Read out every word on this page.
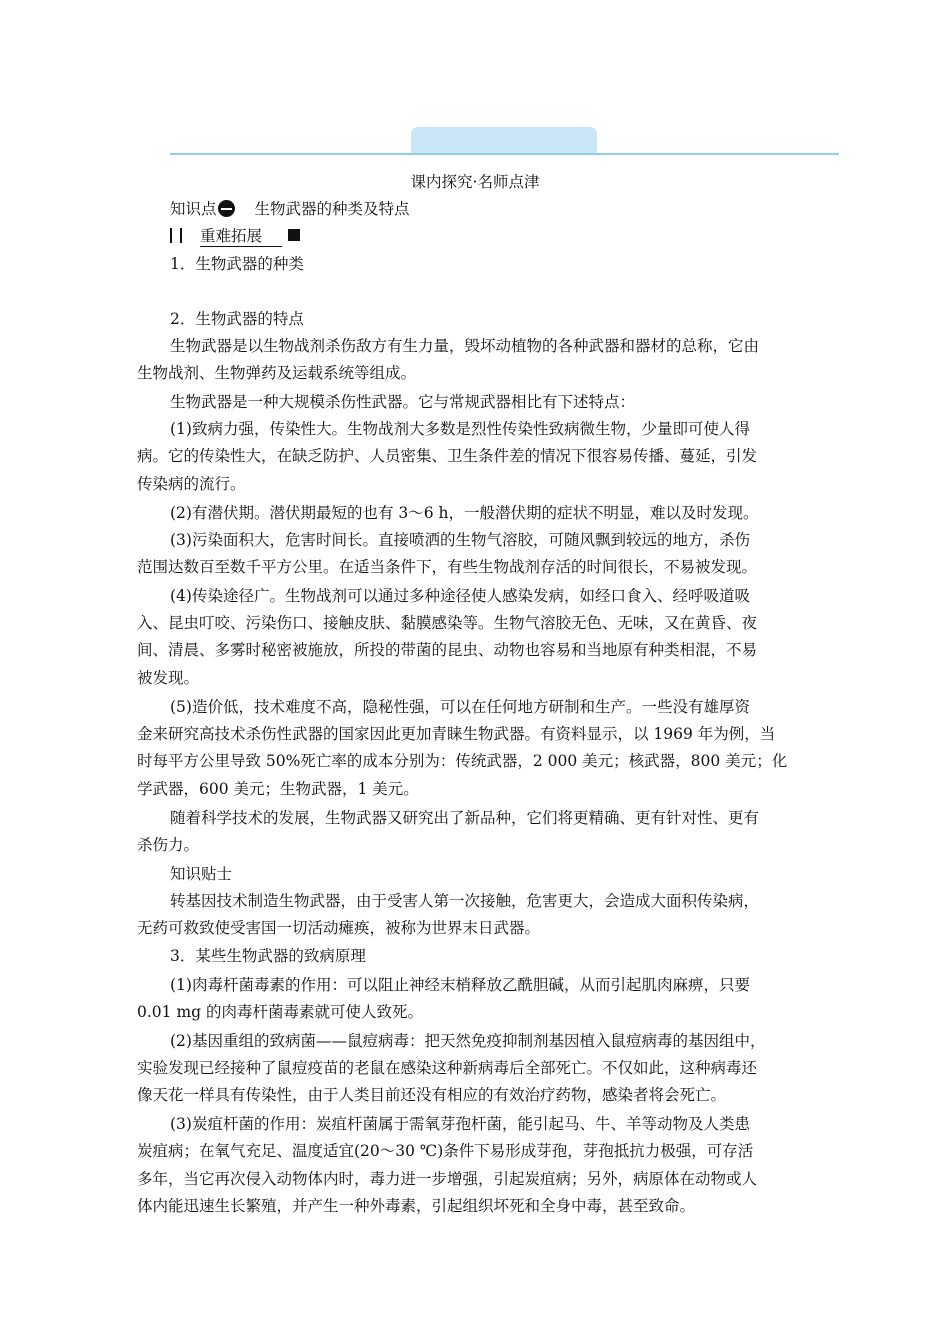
课内探究·名师点津
知识点 生物武器的种类及特点
重难拓展
1．生物武器的种类
2．生物武器的特点
生物武器是以生物战剂杀伤敌方有生力量，毁坏动植物的各种武器和器材的总称，它由
生物战剂、生物弹药及运载系统等组成。
生物武器是一种大规模杀伤性武器。它与常规武器相比有下述特点：
(1)致病力强，传染性大。生物战剂大多数是烈性传染性致病微生物，少量即可使人得
病。它的传染性大，在缺乏防护、人员密集、卫生条件差的情况下很容易传播、蔓延，引发
传染病的流行。
(2)有潜伏期。潜伏期最短的也有 3～6 h，一般潜伏期的症状不明显，难以及时发现。
(3)污染面积大，危害时间长。直接喷洒的生物气溶胶，可随风飘到较远的地方，杀伤
范围达数百至数千平方公里。在适当条件下，有些生物战剂存活的时间很长，不易被发现。
(4)传染途径广。生物战剂可以通过多种途径使人感染发病，如经口食入、经呼吸道吸
入、昆虫叮咬、污染伤口、接触皮肤、黏膜感染等。生物气溶胶无色、无味，又在黄昏、夜
间、清晨、多雾时秘密被施放，所投的带菌的昆虫、动物也容易和当地原有种类相混，不易
被发现。
(5)造价低，技术难度不高，隐秘性强，可以在任何地方研制和生产。一些没有雄厚资
金来研究高技术杀伤性武器的国家因此更加青睐生物武器。有资料显示，以 1969 年为例，当
时每平方公里导致 50%死亡率的成本分别为：传统武器，2 000 美元；核武器，800 美元；化
学武器，600 美元；生物武器，1 美元。
随着科学技术的发展，生物武器又研究出了新品种，它们将更精确、更有针对性、更有
杀伤力。
知识贴士
转基因技术制造生物武器，由于受害人第一次接触，危害更大，会造成大面积传染病，
无药可救致使受害国一切活动瘫痪，被称为世界末日武器。
3．某些生物武器的致病原理
(1)肉毒杆菌毒素的作用：可以阻止神经末梢释放乙酰胆碱，从而引起肌肉麻痹，只要
0.01 mg 的肉毒杆菌毒素就可使人致死。
(2)基因重组的致病菌——鼠痘病毒：把天然免疫抑制剂基因植入鼠痘病毒的基因组中，
实验发现已经接种了鼠痘疫苗的老鼠在感染这种新病毒后全部死亡。不仅如此，这种病毒还
像天花一样具有传染性，由于人类目前还没有相应的有效治疗药物，感染者将会死亡。
(3)炭疽杆菌的作用：炭疽杆菌属于需氧芽孢杆菌，能引起马、牛、羊等动物及人类患
炭疽病；在氧气充足、温度适宜(20～30 ℃)条件下易形成芽孢，芽孢抵抗力极强，可存活
多年，当它再次侵入动物体内时，毒力进一步增强，引起炭疽病；另外，病原体在动物或人
体内能迅速生长繁殖，并产生一种外毒素，引起组织坏死和全身中毒，甚至致命。
